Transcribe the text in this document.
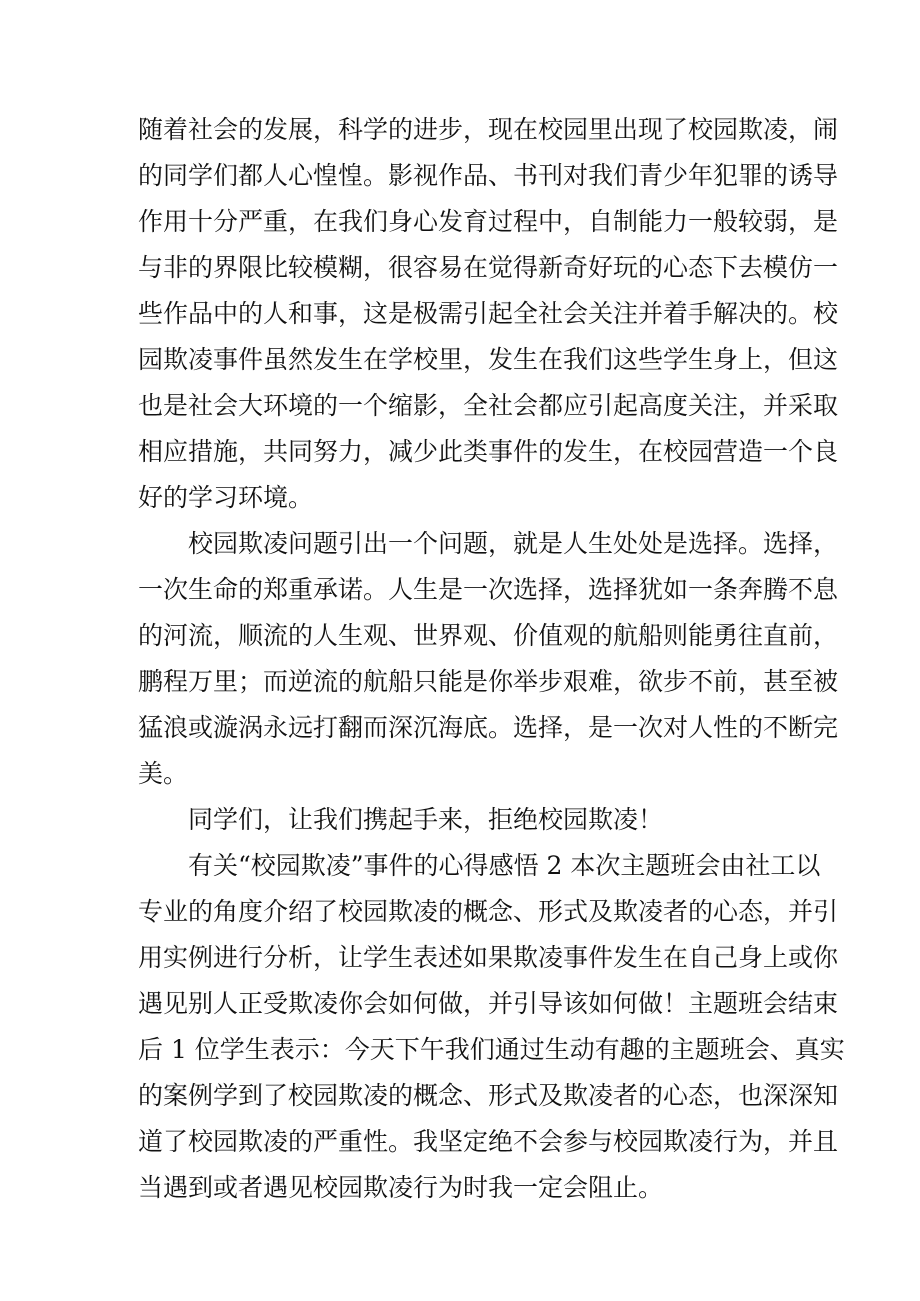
随着社会的发展，科学的进步，现在校园里出现了校园欺凌，闹
的同学们都人心惶惶。影视作品、书刊对我们青少年犯罪的诱导
作用十分严重，在我们身心发育过程中，自制能力一般较弱，是
与非的界限比较模糊，很容易在觉得新奇好玩的心态下去模仿一
些作品中的人和事，这是极需引起全社会关注并着手解决的。校
园欺凌事件虽然发生在学校里，发生在我们这些学生身上，但这
也是社会大环境的一个缩影，全社会都应引起高度关注，并采取
相应措施，共同努力，减少此类事件的发生，在校园营造一个良
好的学习环境。
校园欺凌问题引出一个问题，就是人生处处是选择。选择，
一次生命的郑重承诺。人生是一次选择，选择犹如一条奔腾不息
的河流，顺流的人生观、世界观、价值观的航船则能勇往直前，
鹏程万里；而逆流的航船只能是你举步艰难，欲步不前，甚至被
猛浪或漩涡永远打翻而深沉海底。选择，是一次对人性的不断完
美。
同学们，让我们携起手来，拒绝校园欺凌！
有关“校园欺凌”事件的心得感悟 2 本次主题班会由社工以
专业的角度介绍了校园欺凌的概念、形式及欺凌者的心态，并引
用实例进行分析，让学生表述如果欺凌事件发生在自己身上或你
遇见别人正受欺凌你会如何做，并引导该如何做！主题班会结束
后 1 位学生表示：今天下午我们通过生动有趣的主题班会、真实
的案例学到了校园欺凌的概念、形式及欺凌者的心态，也深深知
道了校园欺凌的严重性。我坚定绝不会参与校园欺凌行为，并且
当遇到或者遇见校园欺凌行为时我一定会阻止。
